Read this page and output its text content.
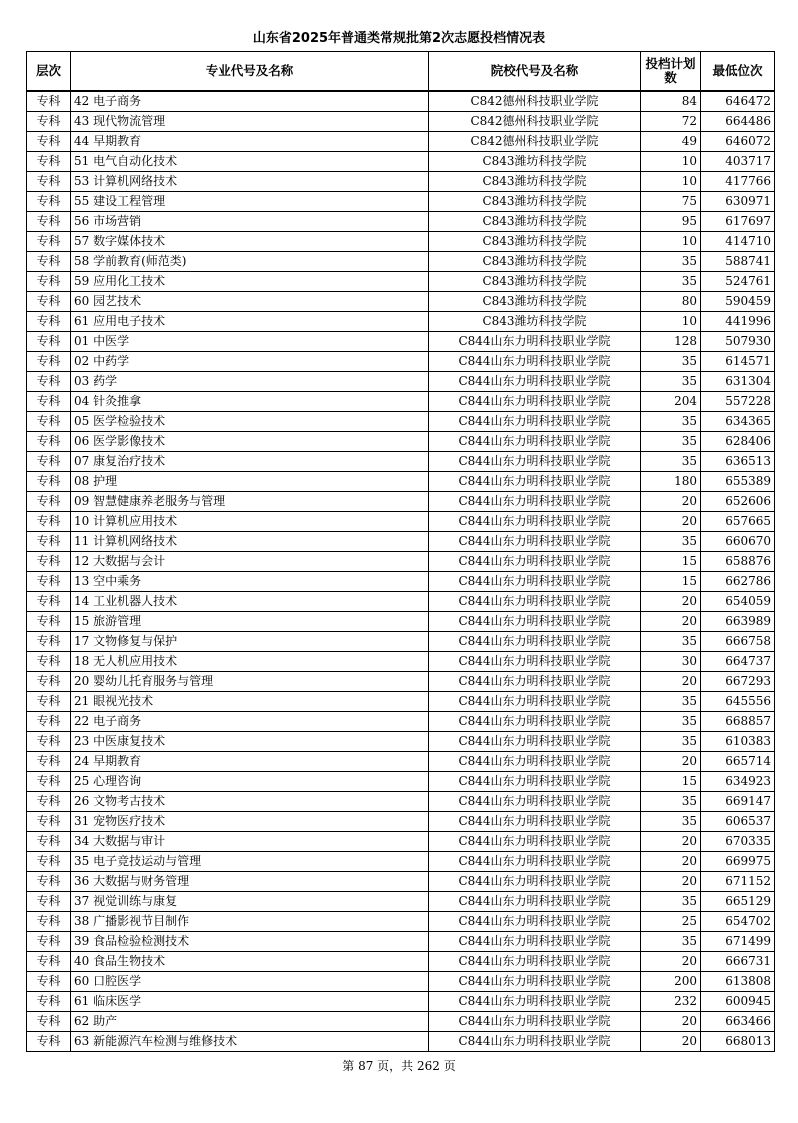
山东省2025年普通类常规批第2次志愿投档情况表
层次	专业代号及名称	院校代号及名称	投档计划数	最低位次
专科	42 电子商务	C842德州科技职业学院	84	646472
专科	43 现代物流管理	C842德州科技职业学院	72	664486
专科	44 早期教育	C842德州科技职业学院	49	646072
专科	51 电气自动化技术	C843潍坊科技学院	10	403717
专科	53 计算机网络技术	C843潍坊科技学院	10	417766
专科	55 建设工程管理	C843潍坊科技学院	75	630971
专科	56 市场营销	C843潍坊科技学院	95	617697
专科	57 数字媒体技术	C843潍坊科技学院	10	414710
专科	58 学前教育(师范类)	C843潍坊科技学院	35	588741
专科	59 应用化工技术	C843潍坊科技学院	35	524761
专科	60 园艺技术	C843潍坊科技学院	80	590459
专科	61 应用电子技术	C843潍坊科技学院	10	441996
专科	01 中医学	C844山东力明科技职业学院	128	507930
专科	02 中药学	C844山东力明科技职业学院	35	614571
专科	03 药学	C844山东力明科技职业学院	35	631304
专科	04 针灸推拿	C844山东力明科技职业学院	204	557228
专科	05 医学检验技术	C844山东力明科技职业学院	35	634365
专科	06 医学影像技术	C844山东力明科技职业学院	35	628406
专科	07 康复治疗技术	C844山东力明科技职业学院	35	636513
专科	08 护理	C844山东力明科技职业学院	180	655389
专科	09 智慧健康养老服务与管理	C844山东力明科技职业学院	20	652606
专科	10 计算机应用技术	C844山东力明科技职业学院	20	657665
专科	11 计算机网络技术	C844山东力明科技职业学院	35	660670
专科	12 大数据与会计	C844山东力明科技职业学院	15	658876
专科	13 空中乘务	C844山东力明科技职业学院	15	662786
专科	14 工业机器人技术	C844山东力明科技职业学院	20	654059
专科	15 旅游管理	C844山东力明科技职业学院	20	663989
专科	17 文物修复与保护	C844山东力明科技职业学院	35	666758
专科	18 无人机应用技术	C844山东力明科技职业学院	30	664737
专科	20 婴幼儿托育服务与管理	C844山东力明科技职业学院	20	667293
专科	21 眼视光技术	C844山东力明科技职业学院	35	645556
专科	22 电子商务	C844山东力明科技职业学院	35	668857
专科	23 中医康复技术	C844山东力明科技职业学院	35	610383
专科	24 早期教育	C844山东力明科技职业学院	20	665714
专科	25 心理咨询	C844山东力明科技职业学院	15	634923
专科	26 文物考古技术	C844山东力明科技职业学院	35	669147
专科	31 宠物医疗技术	C844山东力明科技职业学院	35	606537
专科	34 大数据与审计	C844山东力明科技职业学院	20	670335
专科	35 电子竞技运动与管理	C844山东力明科技职业学院	20	669975
专科	36 大数据与财务管理	C844山东力明科技职业学院	20	671152
专科	37 视觉训练与康复	C844山东力明科技职业学院	35	665129
专科	38 广播影视节目制作	C844山东力明科技职业学院	25	654702
专科	39 食品检验检测技术	C844山东力明科技职业学院	35	671499
专科	40 食品生物技术	C844山东力明科技职业学院	20	666731
专科	60 口腔医学	C844山东力明科技职业学院	200	613808
专科	61 临床医学	C844山东力明科技职业学院	232	600945
专科	62 助产	C844山东力明科技职业学院	20	663466
专科	63 新能源汽车检测与维修技术	C844山东力明科技职业学院	20	668013
第 87 页，共 262 页
